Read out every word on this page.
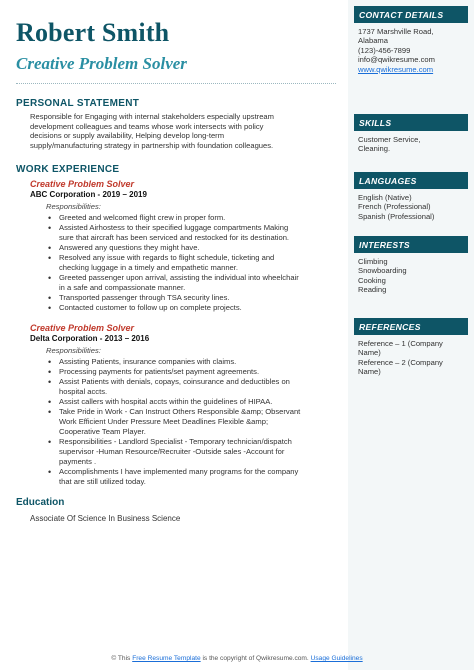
Robert Smith
Creative Problem Solver
PERSONAL STATEMENT
Responsible for Engaging with internal stakeholders especially upstream
development colleagues and teams whose work intersects with policy
decisions or supply availability, Helping develop long-term
supply/manufacturing strategy in partnership with foundation colleagues.
WORK EXPERIENCE
Creative Problem Solver
ABC Corporation - 2019 – 2019
Responsibilities:
• Greeted and welcomed flight crew in proper form.
• Assisted Airhostess to their specified luggage compartments Making
sure that aircraft has been serviced and restocked for its destination.
• Answered any questions they might have.
• Resolved any issue with regards to flight schedule, ticketing and
checking luggage in a timely and empathetic manner.
• Greeted passenger upon arrival, assisting the individual into wheelchair
in a safe and compassionate manner.
• Transported passenger through TSA security lines.
• Contacted customer to follow up on complete projects.
Creative Problem Solver
Delta Corporation - 2013 – 2016
Responsibilities:
• Assisting Patients, insurance companies with claims.
• Processing payments for patients/set payment agreements.
• Assist Patients with denials, copays, coinsurance and deductibles on
hospital accts.
• Assist callers with hospital accts within the guidelines of HIPAA.
• Take Pride in Work - Can Instruct Others Responsible &amp; Observant
Work Efficient Under Pressure Meet Deadlines Flexible &amp;
Cooperative Team Player.
• Responsibilities - Landlord Specialist - Temporary technician/dispatch
supervisor -Human Resource/Recruiter -Outside sales -Account for
payments .
• Accomplishments I have implemented many programs for the company
that are still utilized today.
Education
Associate Of Science In Business Science
CONTACT DETAILS
1737 Marshville Road,
Alabama
(123)-456-7899
info@qwikresume.com
www.qwikresume.com
SKILLS
Customer Service,
Cleaning.
LANGUAGES
English (Native)
French (Professional)
Spanish (Professional)
INTERESTS
Climbing
Snowboarding
Cooking
Reading
REFERENCES
Reference – 1 (Company
Name)
Reference – 2 (Company
Name)
© This Free Resume Template is the copyright of Qwikresume.com. Usage Guidelines
